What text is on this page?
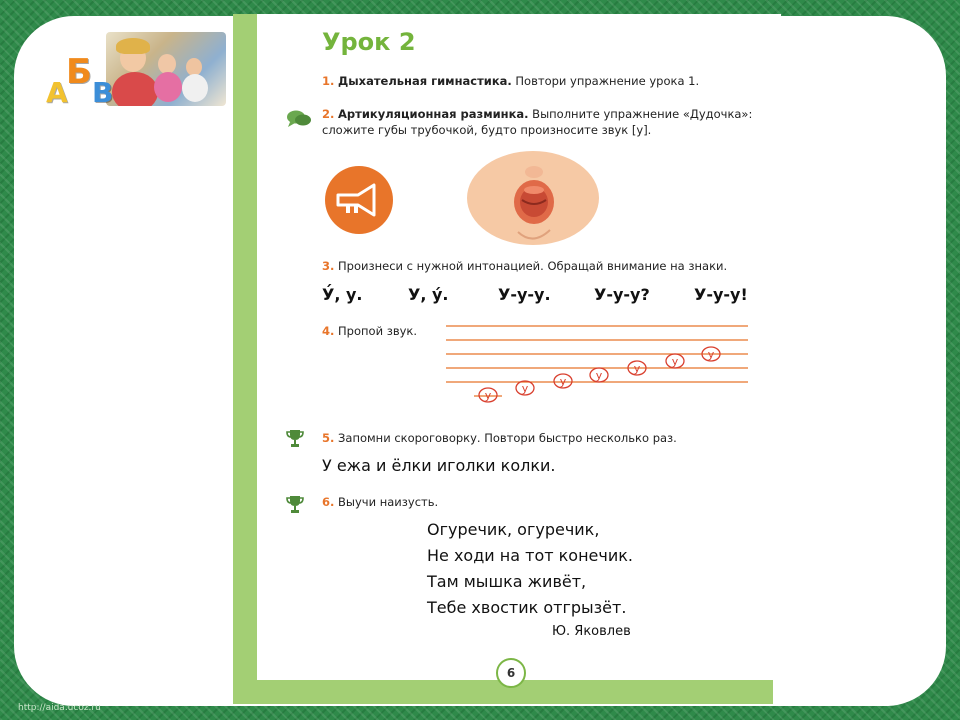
А
Б
В
Урок 2
1. Дыхательная гимнастика. Повтори упражнение урока 1.
2. Артикуляционная разминка. Выполните упражнение «Дудочка»:
сложите губы трубочкой, будто произносите звук [у].
3. Произнеси с нужной интонацией. Обращай внимание на знаки.
У́, у.	У, у́.	У-у-у.	У-у-у?	У-у-у!
4. Пропой звук.
у
у
у	у
у
у
у
5. Запомни скороговорку. Повтори быстро несколько раз.
У ежа и ёлки иголки колки.
6. Выучи наизусть.
Огуречик, огуречик,
Не ходи на тот конечик.
Там мышка живёт,
Тебе хвостик отгрызёт.
Ю. Яковлев
6
http://aida.ucoz.ru
